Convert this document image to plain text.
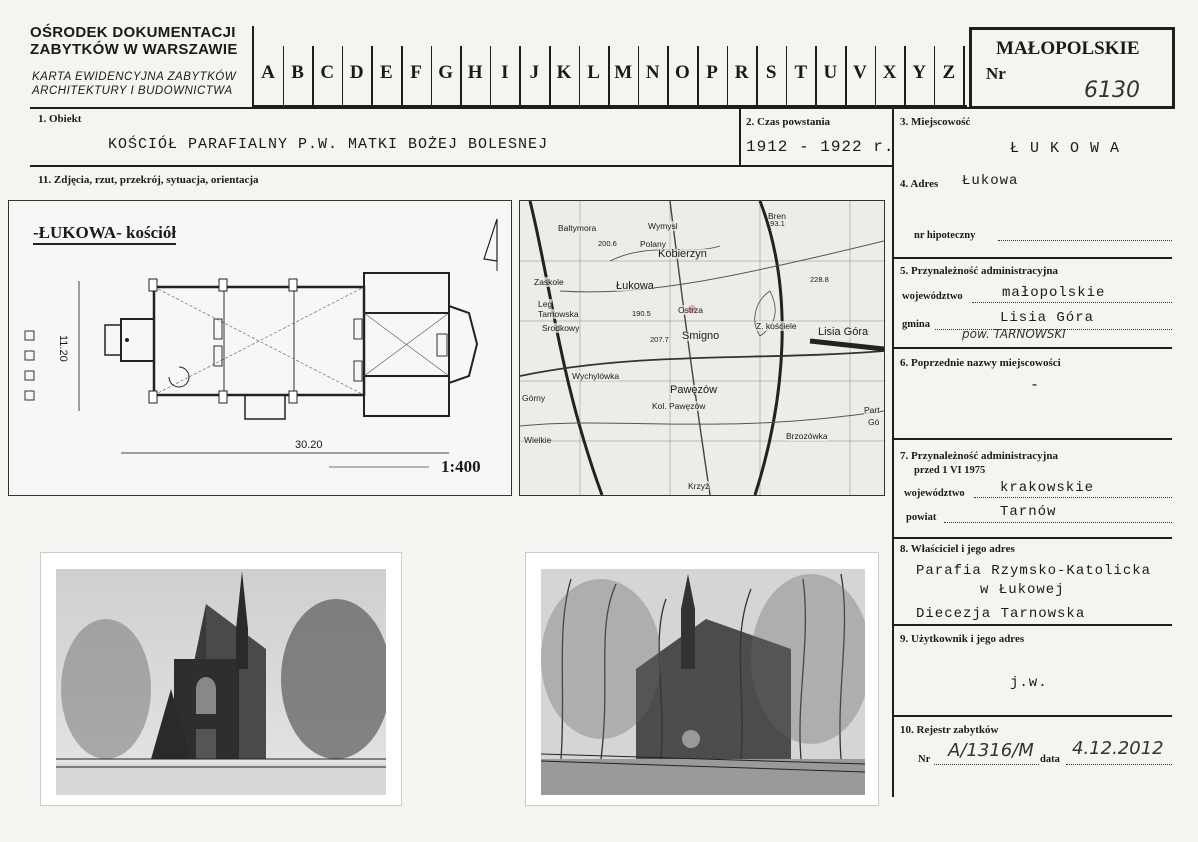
OŚRODEK DOKUMENTACJI
ZABYTKÓW W WARSZAWIE
KARTA EWIDENCYJNA ZABYTKÓW
ARCHITEKTURY I BUDOWNICTWA
A B C D E F G H I	J K L M N O P R S T U V X Y Z
MAŁOPOLSKIE
Nr
6130
1. Obiekt
KOŚCIÓŁ PARAFIALNY P.W. MATKI BOŻEJ BOLESNEJ
2. Czas powstania
1912 - 1922 r.
3. Miejscowość
Ł U K O W A
11. Zdjęcia, rzut, przekrój, sytuacja, orientacja
-ŁUKOWA- kościół
30.20
11.20
1:400
Baltymora	Wymysl
Polany
Kobierzyn
Zaskole
Leg
Tarnowska
Łukowa
Ostrza
Srodkowy
Smigno
Z. kościele Lisia Góra
Wychylówka
Pawęzów
Kol. Pawęzów
Górny
Wielkie	Brzozówka
Krzyż
Bren
Part
Gó
200.6
190.5
228.8
193.1
207.7
4. Adres Łukowa
nr hipoteczny
5. Przynależność administracyjna
województwo	małopolskie
gmina	Lisia Góra
pow. TARNOWSKI
6. Poprzednie nazwy miejscowości
-
7. Przynależność administracyjna
przed 1 VI 1975
województwo	krakowskie
powiat	Tarnów
8. Właściciel i jego adres
Parafia Rzymsko-Katolicka
w Łukowej
Diecezja Tarnowska
9. Użytkownik i jego adres
j.w.
10. Rejestr zabytków
Nr A/1316/M data
4.12.2012
